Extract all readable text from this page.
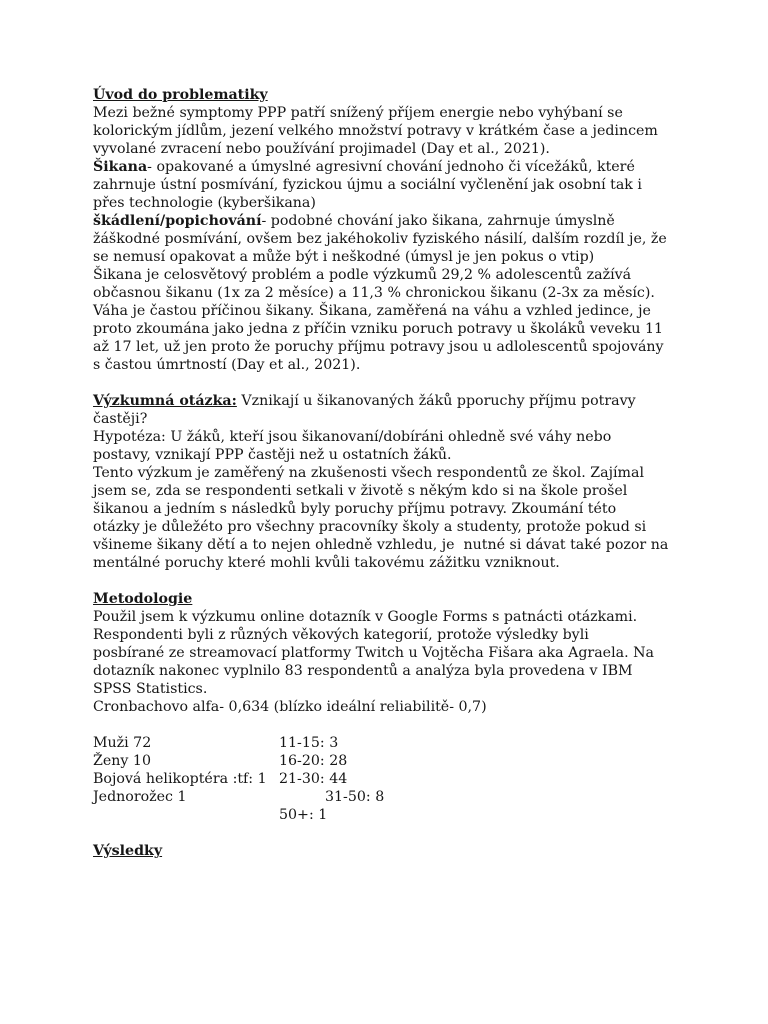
Úvod do problematiky
Mezi bežné symptomy PPP patří snížený příjem energie nebo vyhýbaní se
kolorickým jídlům, jezení velkého množství potravy v krátkém čase a jedincem
vyvolané zvracení nebo používání projimadel (Day et al., 2021).
Šikana- opakované a úmyslné agresivní chování jednoho či vícežáků, které
zahrnuje ústní posmívání, fyzickou újmu a sociální vyčlenění jak osobní tak i
přes technologie (kyberšikana)
škádlení/popichování- podobné chování jako šikana, zahrnuje úmyslně
žáškodné posmívání, ovšem bez jakéhokoliv fyziského násilí, dalším rozdíl je, že
se nemusí opakovat a může být i neškodné (úmysl je jen pokus o vtip)
Šikana je celosvětový problém a podle výzkumů 29,2 % adolescentů zažívá
občasnou šikanu (1x za 2 měsíce) a 11,3 % chronickou šikanu (2-3x za měsíc).
Váha je častou příčinou šikany. Šikana, zaměřená na váhu a vzhled jedince, je
proto zkoumána jako jedna z příčin vzniku poruch potravy u školáků veveku 11
až 17 let, už jen proto že poruchy příjmu potravy jsou u adlolescentů spojovány
s častou úmrtností (Day et al., 2021).
Výzkumná otázka: Vznikají u šikanovaných žáků pporuchy příjmu potravy
častěji?
Hypotéza: U žáků, kteří jsou šikanovaní/dobíráni ohledně své váhy nebo
postavy, vznikají PPP častěji než u ostatních žáků.
Tento výzkum je zaměřený na zkušenosti všech respondentů ze škol. Zajímal
jsem se, zda se respondenti setkali v životě s někým kdo si na škole prošel
šikanou a jedním s následků byly poruchy příjmu potravy. Zkoumání této
otázky je důležéto pro všechny pracovníky školy a studenty, protože pokud si
všineme šikany dětí a to nejen ohledně vzhledu, je  nutné si dávat také pozor na
mentálné poruchy které mohli kvůli takovému zážitku vzniknout.
Metodologie
Použil jsem k výzkumu online dotazník v Google Forms s patnácti otázkami.
Respondenti byli z různých věkových kategorií, protože výsledky byli
posbírané ze streamovací platformy Twitch u Vojtěcha Fišara aka Agraela. Na
dotazník nakonec vyplnilo 83 respondentů a analýza byla provedena v IBM
SPSS Statistics.
Cronbachovo alfa- 0,634 (blízko ideální reliabilitě- 0,7)

Muži 72

	11-15: 3

Ženy 10

	16-20: 28

Bojová helikoptéra :tf: 1

21-30: 44

Jednorožec 1

	31-50: 8

50+: 1

Výsledky
